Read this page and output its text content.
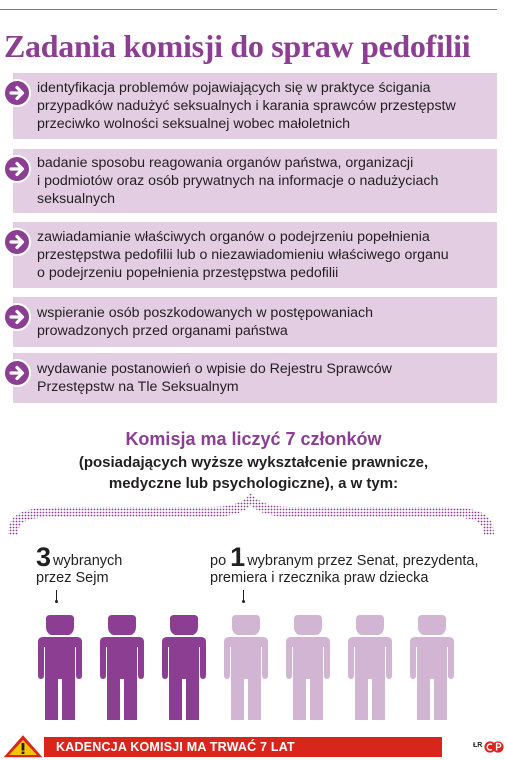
Zadania komisji do spraw pedofilii
identyfikacja problemów pojawiających się w praktyce ścigania
przypadków nadużyć seksualnych i karania sprawców przestępstw
przeciwko wolności seksualnej wobec małoletnich
badanie sposobu reagowania organów państwa, organizacji
i podmiotów oraz osób prywatnych na informacje o nadużyciach
seksualnych
zawiadamianie właściwych organów o podejrzeniu popełnienia
przestępstwa pedofilii lub o niezawiadomieniu właściwego organu
o podejrzeniu popełnienia przestępstwa pedofilii
wspieranie osób poszkodowanych w postępowaniach
prowadzonych przed organami państwa
wydawanie postanowień o wpisie do Rejestru Sprawców
Przestępstw na Tle Seksualnym
Komisja ma liczyć 7 członków
(posiadających wyższe wykształcenie prawnicze,
medyczne lub psychologiczne), a w tym:
3 wybranych
przez Sejm
po 1 wybranym przez Senat, prezydenta,
premiera i rzecznika praw dziecka
KADENCJA KOMISJI MA TRWAĆ 7 LAT	ŁR
